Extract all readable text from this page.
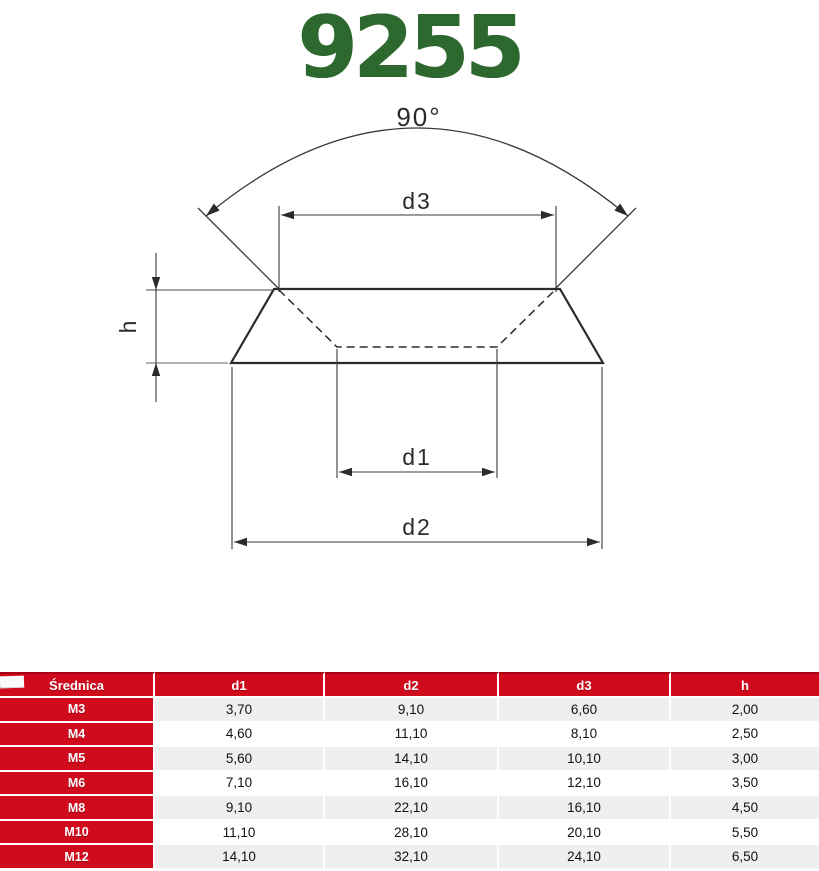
9255
90°
d3
h
d1
d2
Średnica	d1	d2	d3	h
M3	3,70	9,10	6,60	2,00
M4	4,60	11,10	8,10	2,50
M5	5,60	14,10	10,10	3,00
M6	7,10	16,10	12,10	3,50
M8	9,10	22,10	16,10	4,50
M10	11,10	28,10	20,10	5,50
M12	14,10	32,10	24,10	6,50
